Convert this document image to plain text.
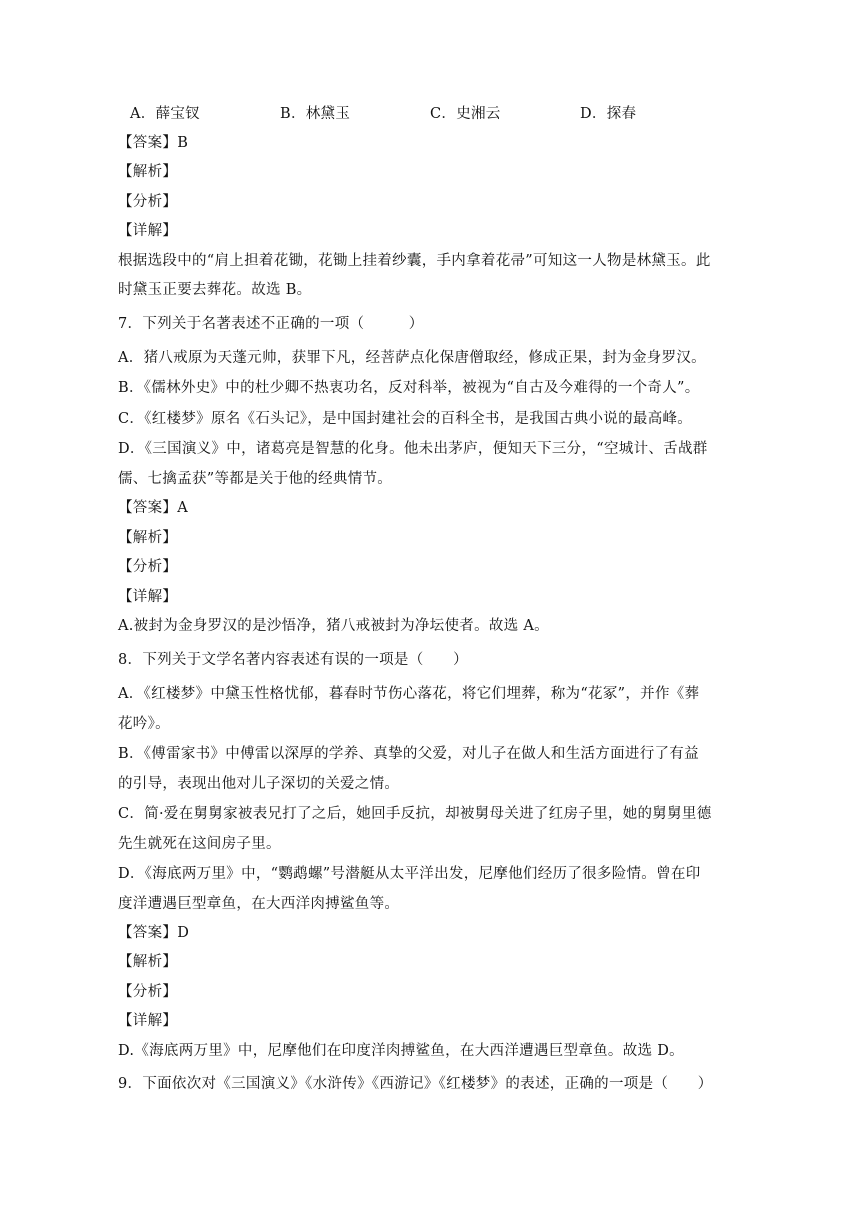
A．薛宝钗	B．林黛玉	C．史湘云	D．探春
【答案】B
【解析】
【分析】
【详解】
根据选段中的“肩上担着花锄，花锄上挂着纱囊，手内拿着花帚”可知这一人物是林黛玉。此
时黛玉正要去葬花。故选 B。
7．下列关于名著表述不正确的一项（　　　）
A．猪八戒原为天蓬元帅，获罪下凡，经菩萨点化保唐僧取经，修成正果，封为金身罗汉。
B．《儒林外史》中的杜少卿不热衷功名，反对科举，被视为“自古及今难得的一个奇人”。
C．《红楼梦》原名《石头记》，是中国封建社会的百科全书，是我国古典小说的最高峰。
D．《三国演义》中，诸葛亮是智慧的化身。他未出茅庐，便知天下三分，“空城计、舌战群
儒、七擒孟获”等都是关于他的经典情节。
【答案】A
【解析】
【分析】
【详解】
A.被封为金身罗汉的是沙悟净，猪八戒被封为净坛使者。故选 A。
8．下列关于文学名著内容表述有误的一项是（　　）
A．《红楼梦》中黛玉性格忧郁，暮春时节伤心落花，将它们埋葬，称为“花冢”，并作《葬
花吟》。
B．《傅雷家书》中傅雷以深厚的学养、真挚的父爱，对儿子在做人和生活方面进行了有益
的引导，表现出他对儿子深切的关爱之情。
C．简·爱在舅舅家被表兄打了之后，她回手反抗，却被舅母关进了红房子里，她的舅舅里德
先生就死在这间房子里。
D．《海底两万里》中，“鹦鹉螺”号潜艇从太平洋出发，尼摩他们经历了很多险情。曾在印
度洋遭遇巨型章鱼，在大西洋肉搏鲨鱼等。
【答案】D
【解析】
【分析】
【详解】
D.《海底两万里》中，尼摩他们在印度洋肉搏鲨鱼，在大西洋遭遇巨型章鱼。故选 D。
9．下面依次对《三国演义》《水浒传》《西游记》《红楼梦》的表述，正确的一项是（　　）
